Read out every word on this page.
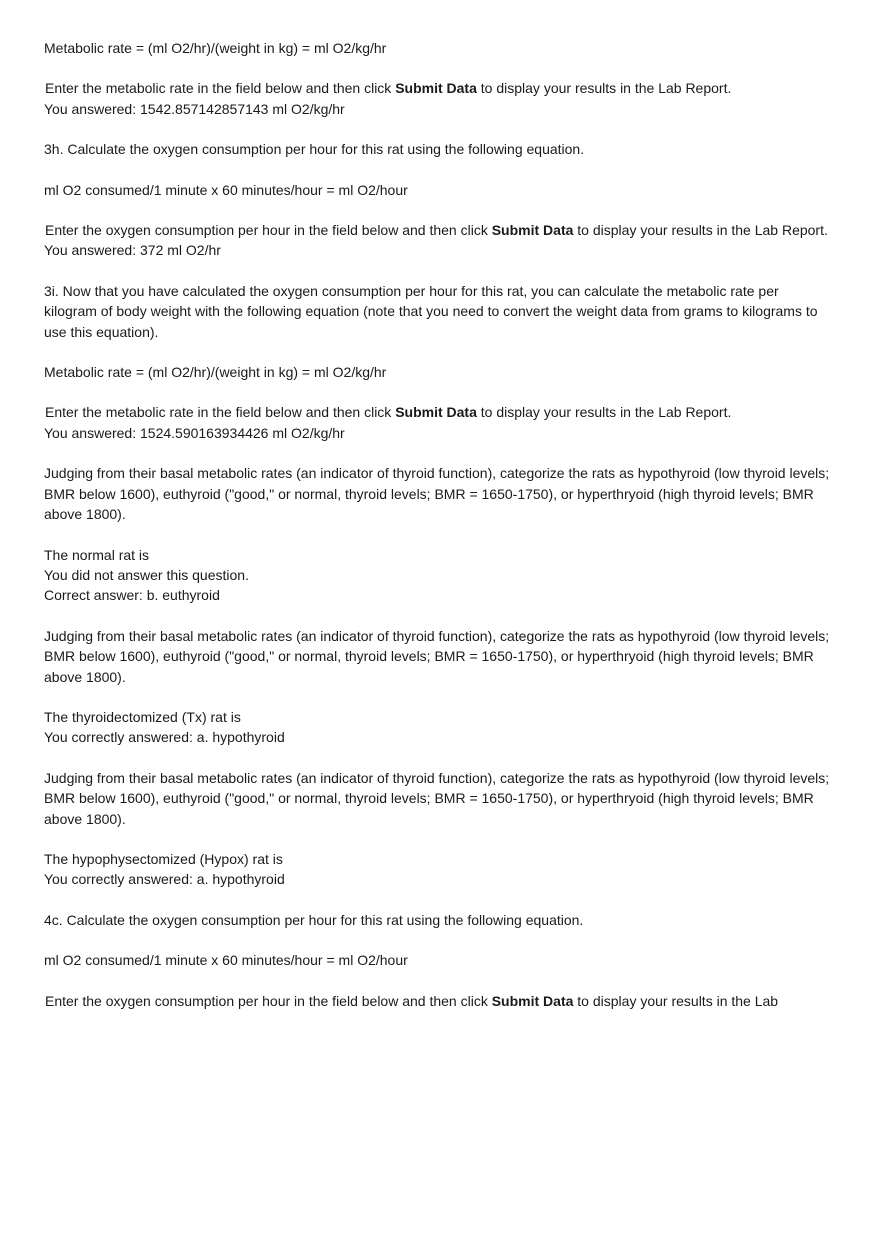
Metabolic rate = (ml O2/hr)/(weight in kg) = ml O2/kg/hr
Enter the metabolic rate in the field below and then click Submit Data to display your results in the Lab Report.
You answered: 1542.857142857143 ml O2/kg/hr
3h. Calculate the oxygen consumption per hour for this rat using the following equation.
ml O2 consumed/1 minute x 60 minutes/hour = ml O2/hour
Enter the oxygen consumption per hour in the field below and then click Submit Data to display your results in the Lab Report.
You answered: 372 ml O2/hr
3i. Now that you have calculated the oxygen consumption per hour for this rat, you can calculate the metabolic rate per kilogram of body weight with the following equation (note that you need to convert the weight data from grams to kilograms to use this equation).
Metabolic rate = (ml O2/hr)/(weight in kg) = ml O2/kg/hr
Enter the metabolic rate in the field below and then click Submit Data to display your results in the Lab Report.
You answered: 1524.590163934426 ml O2/kg/hr
Judging from their basal metabolic rates (an indicator of thyroid function), categorize the rats as hypothyroid (low thyroid levels; BMR below 1600), euthyroid ("good," or normal, thyroid levels; BMR = 1650-1750), or hyperthryoid (high thyroid levels; BMR above 1800).
The normal rat is
You did not answer this question.
Correct answer: b. euthyroid
Judging from their basal metabolic rates (an indicator of thyroid function), categorize the rats as hypothyroid (low thyroid levels; BMR below 1600), euthyroid ("good," or normal, thyroid levels; BMR = 1650-1750), or hyperthryoid (high thyroid levels; BMR above 1800).
The thyroidectomized (Tx) rat is
You correctly answered: a. hypothyroid
Judging from their basal metabolic rates (an indicator of thyroid function), categorize the rats as hypothyroid (low thyroid levels; BMR below 1600), euthyroid ("good," or normal, thyroid levels; BMR = 1650-1750), or hyperthryoid (high thyroid levels; BMR above 1800).
The hypophysectomized (Hypox) rat is
You correctly answered: a. hypothyroid
4c. Calculate the oxygen consumption per hour for this rat using the following equation.
ml O2 consumed/1 minute x 60 minutes/hour = ml O2/hour
Enter the oxygen consumption per hour in the field below and then click Submit Data to display your results in the Lab
